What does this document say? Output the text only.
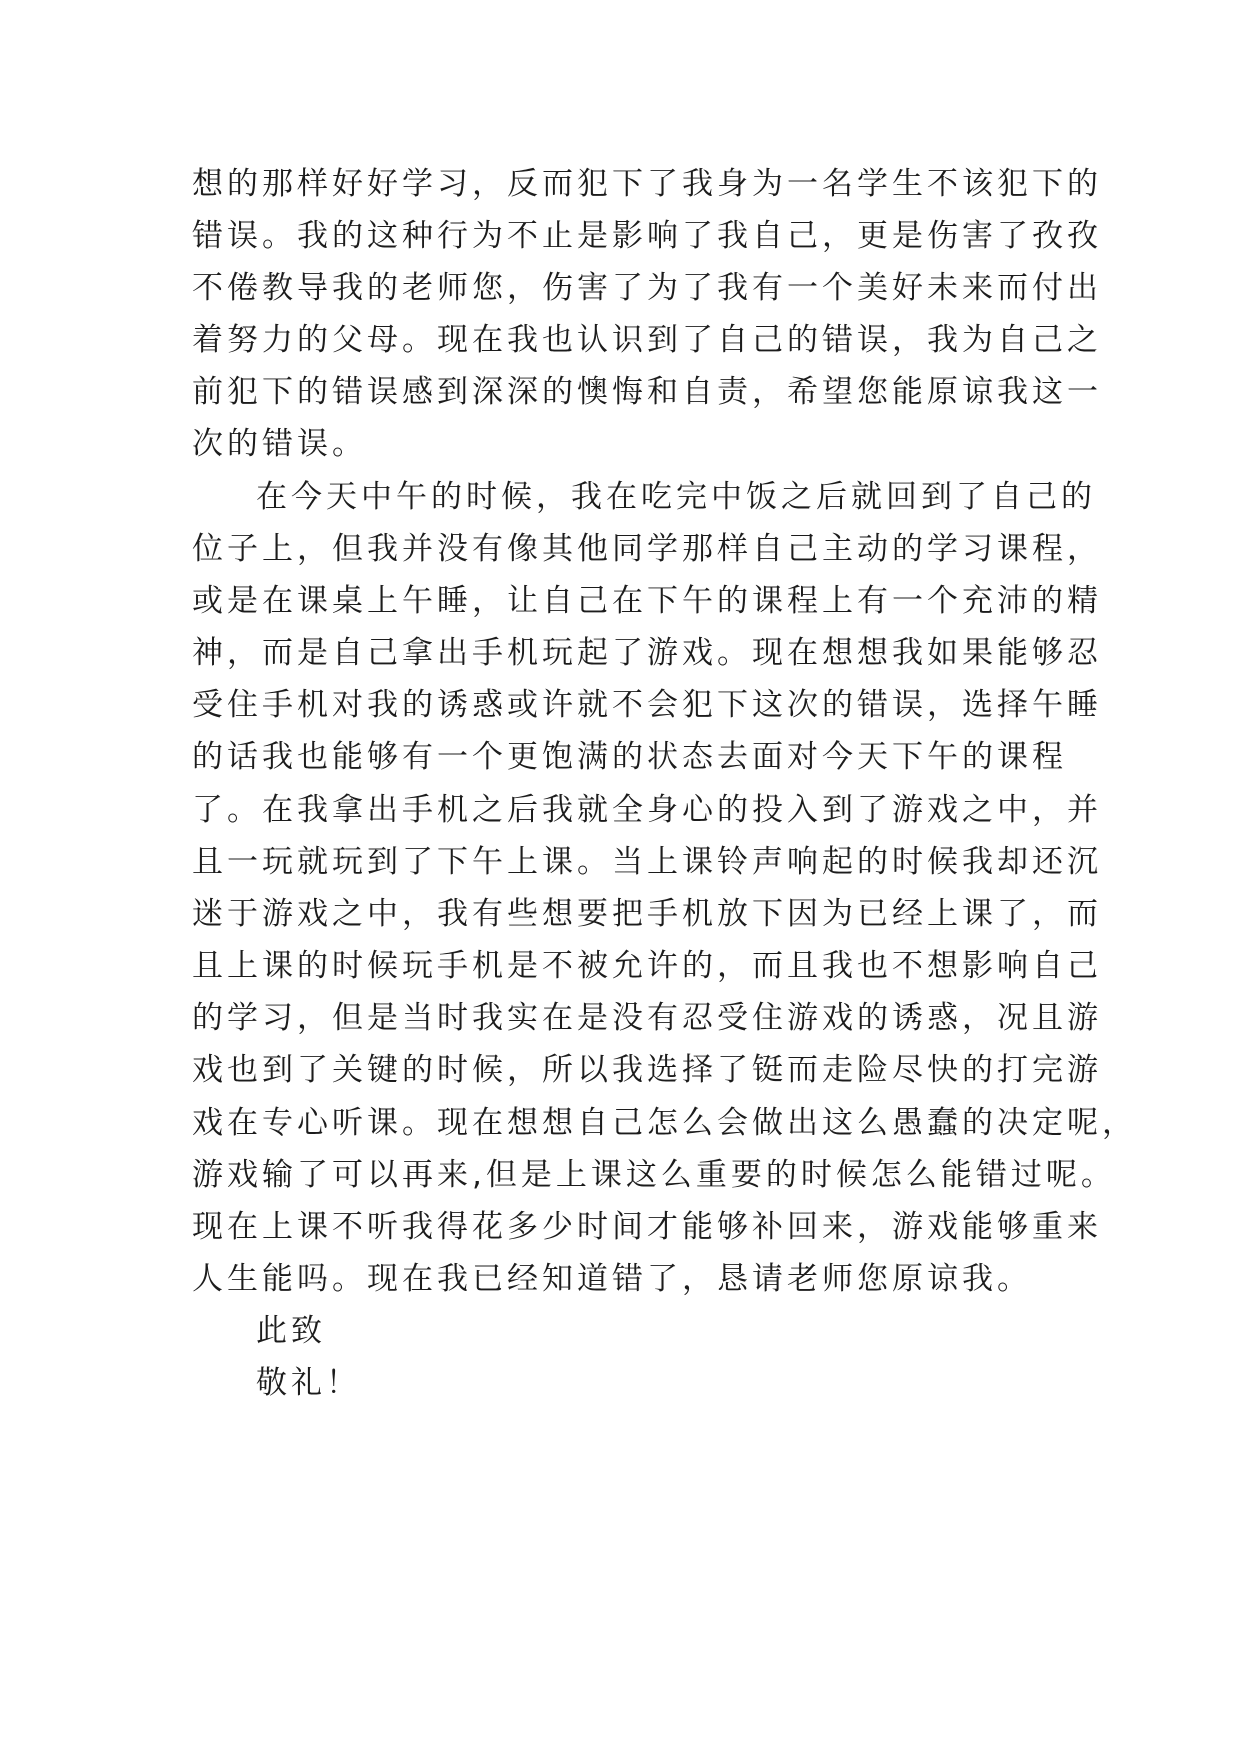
想的那样好好学习，反而犯下了我身为一名学生不该犯下的
错误。我的这种行为不止是影响了我自己，更是伤害了孜孜
不倦教导我的老师您，伤害了为了我有一个美好未来而付出
着努力的父母。现在我也认识到了自己的错误，我为自己之
前犯下的错误感到深深的懊悔和自责，希望您能原谅我这一
次的错误。
在今天中午的时候，我在吃完中饭之后就回到了自己的
位子上，但我并没有像其他同学那样自己主动的学习课程，
或是在课桌上午睡，让自己在下午的课程上有一个充沛的精
神，而是自己拿出手机玩起了游戏。现在想想我如果能够忍
受住手机对我的诱惑或许就不会犯下这次的错误，选择午睡
的话我也能够有一个更饱满的状态去面对今天下午的课程
了。在我拿出手机之后我就全身心的投入到了游戏之中，并
且一玩就玩到了下午上课。当上课铃声响起的时候我却还沉
迷于游戏之中，我有些想要把手机放下因为已经上课了，而
且上课的时候玩手机是不被允许的，而且我也不想影响自己
的学习，但是当时我实在是没有忍受住游戏的诱惑，况且游
戏也到了关键的时候，所以我选择了铤而走险尽快的打完游
戏在专心听课。现在想想自己怎么会做出这么愚蠢的决定呢，
游戏输了可以再来,但是上课这么重要的时候怎么能错过呢。
现在上课不听我得花多少时间才能够补回来，游戏能够重来
人生能吗。现在我已经知道错了，恳请老师您原谅我。
此致
敬礼！
